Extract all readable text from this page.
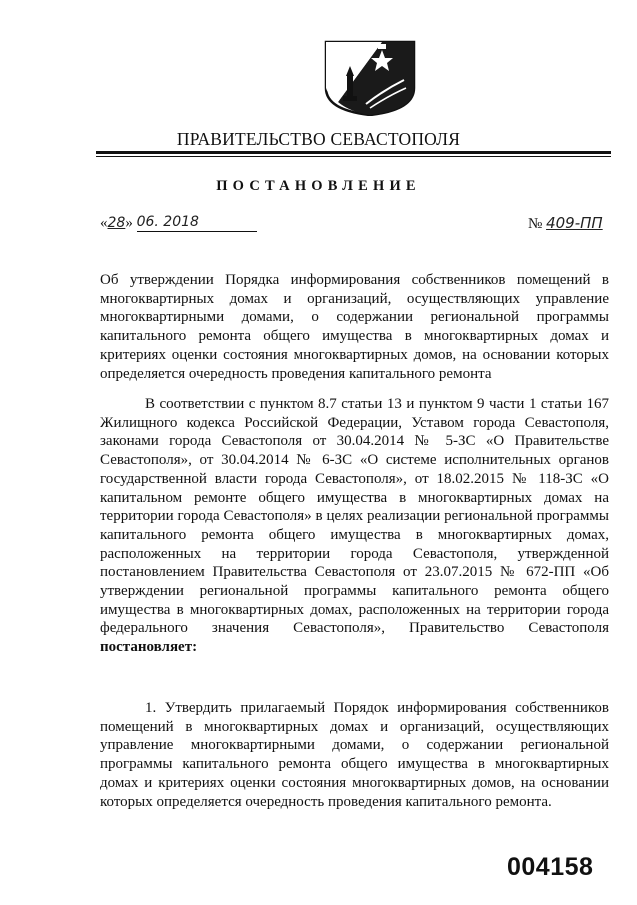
ПРАВИТЕЛЬСТВО СЕВАСТОПОЛЯ
ПОСТАНОВЛЕНИЕ
«28» 06. 2018	№ 409-ПП
Об утверждении Порядка информирования собственников помещений в многоквартирных домах и организаций, осуществляющих управление многоквартирными домами, о содержании региональной программы капитального ремонта общего имущества в многоквартирных домах и критериях оценки состояния многоквартирных домов, на основании которых определяется очередность проведения капитального ремонта
В соответствии с пунктом 8.7 статьи 13 и пунктом 9 части 1 статьи 167 Жилищного кодекса Российской Федерации, Уставом города Севастополя, законами города Севастополя от 30.04.2014 № 5-ЗС «О Правительстве Севастополя», от 30.04.2014 № 6-ЗС «О системе исполнительных органов государственной власти города Севастополя», от 18.02.2015 № 118-ЗС «О капитальном ремонте общего имущества в многоквартирных домах на территории города Севастополя» в целях реализации региональной программы капитального ремонта общего имущества в многоквартирных домах, расположенных на территории города Севастополя, утвержденной постановлением Правительства Севастополя от 23.07.2015 № 672-ПП «Об утверждении региональной программы капитального ремонта общего имущества в многоквартирных домах, расположенных на территории города федерального значения Севастополя», Правительство Севастополя постановляет:
1. Утвердить прилагаемый Порядок информирования собственников помещений в многоквартирных домах и организаций, осуществляющих управление многоквартирными домами, о содержании региональной программы капитального ремонта общего имущества в многоквартирных домах и критериях оценки состояния многоквартирных домов, на основании которых определяется очередность проведения капитального ремонта.
004158
